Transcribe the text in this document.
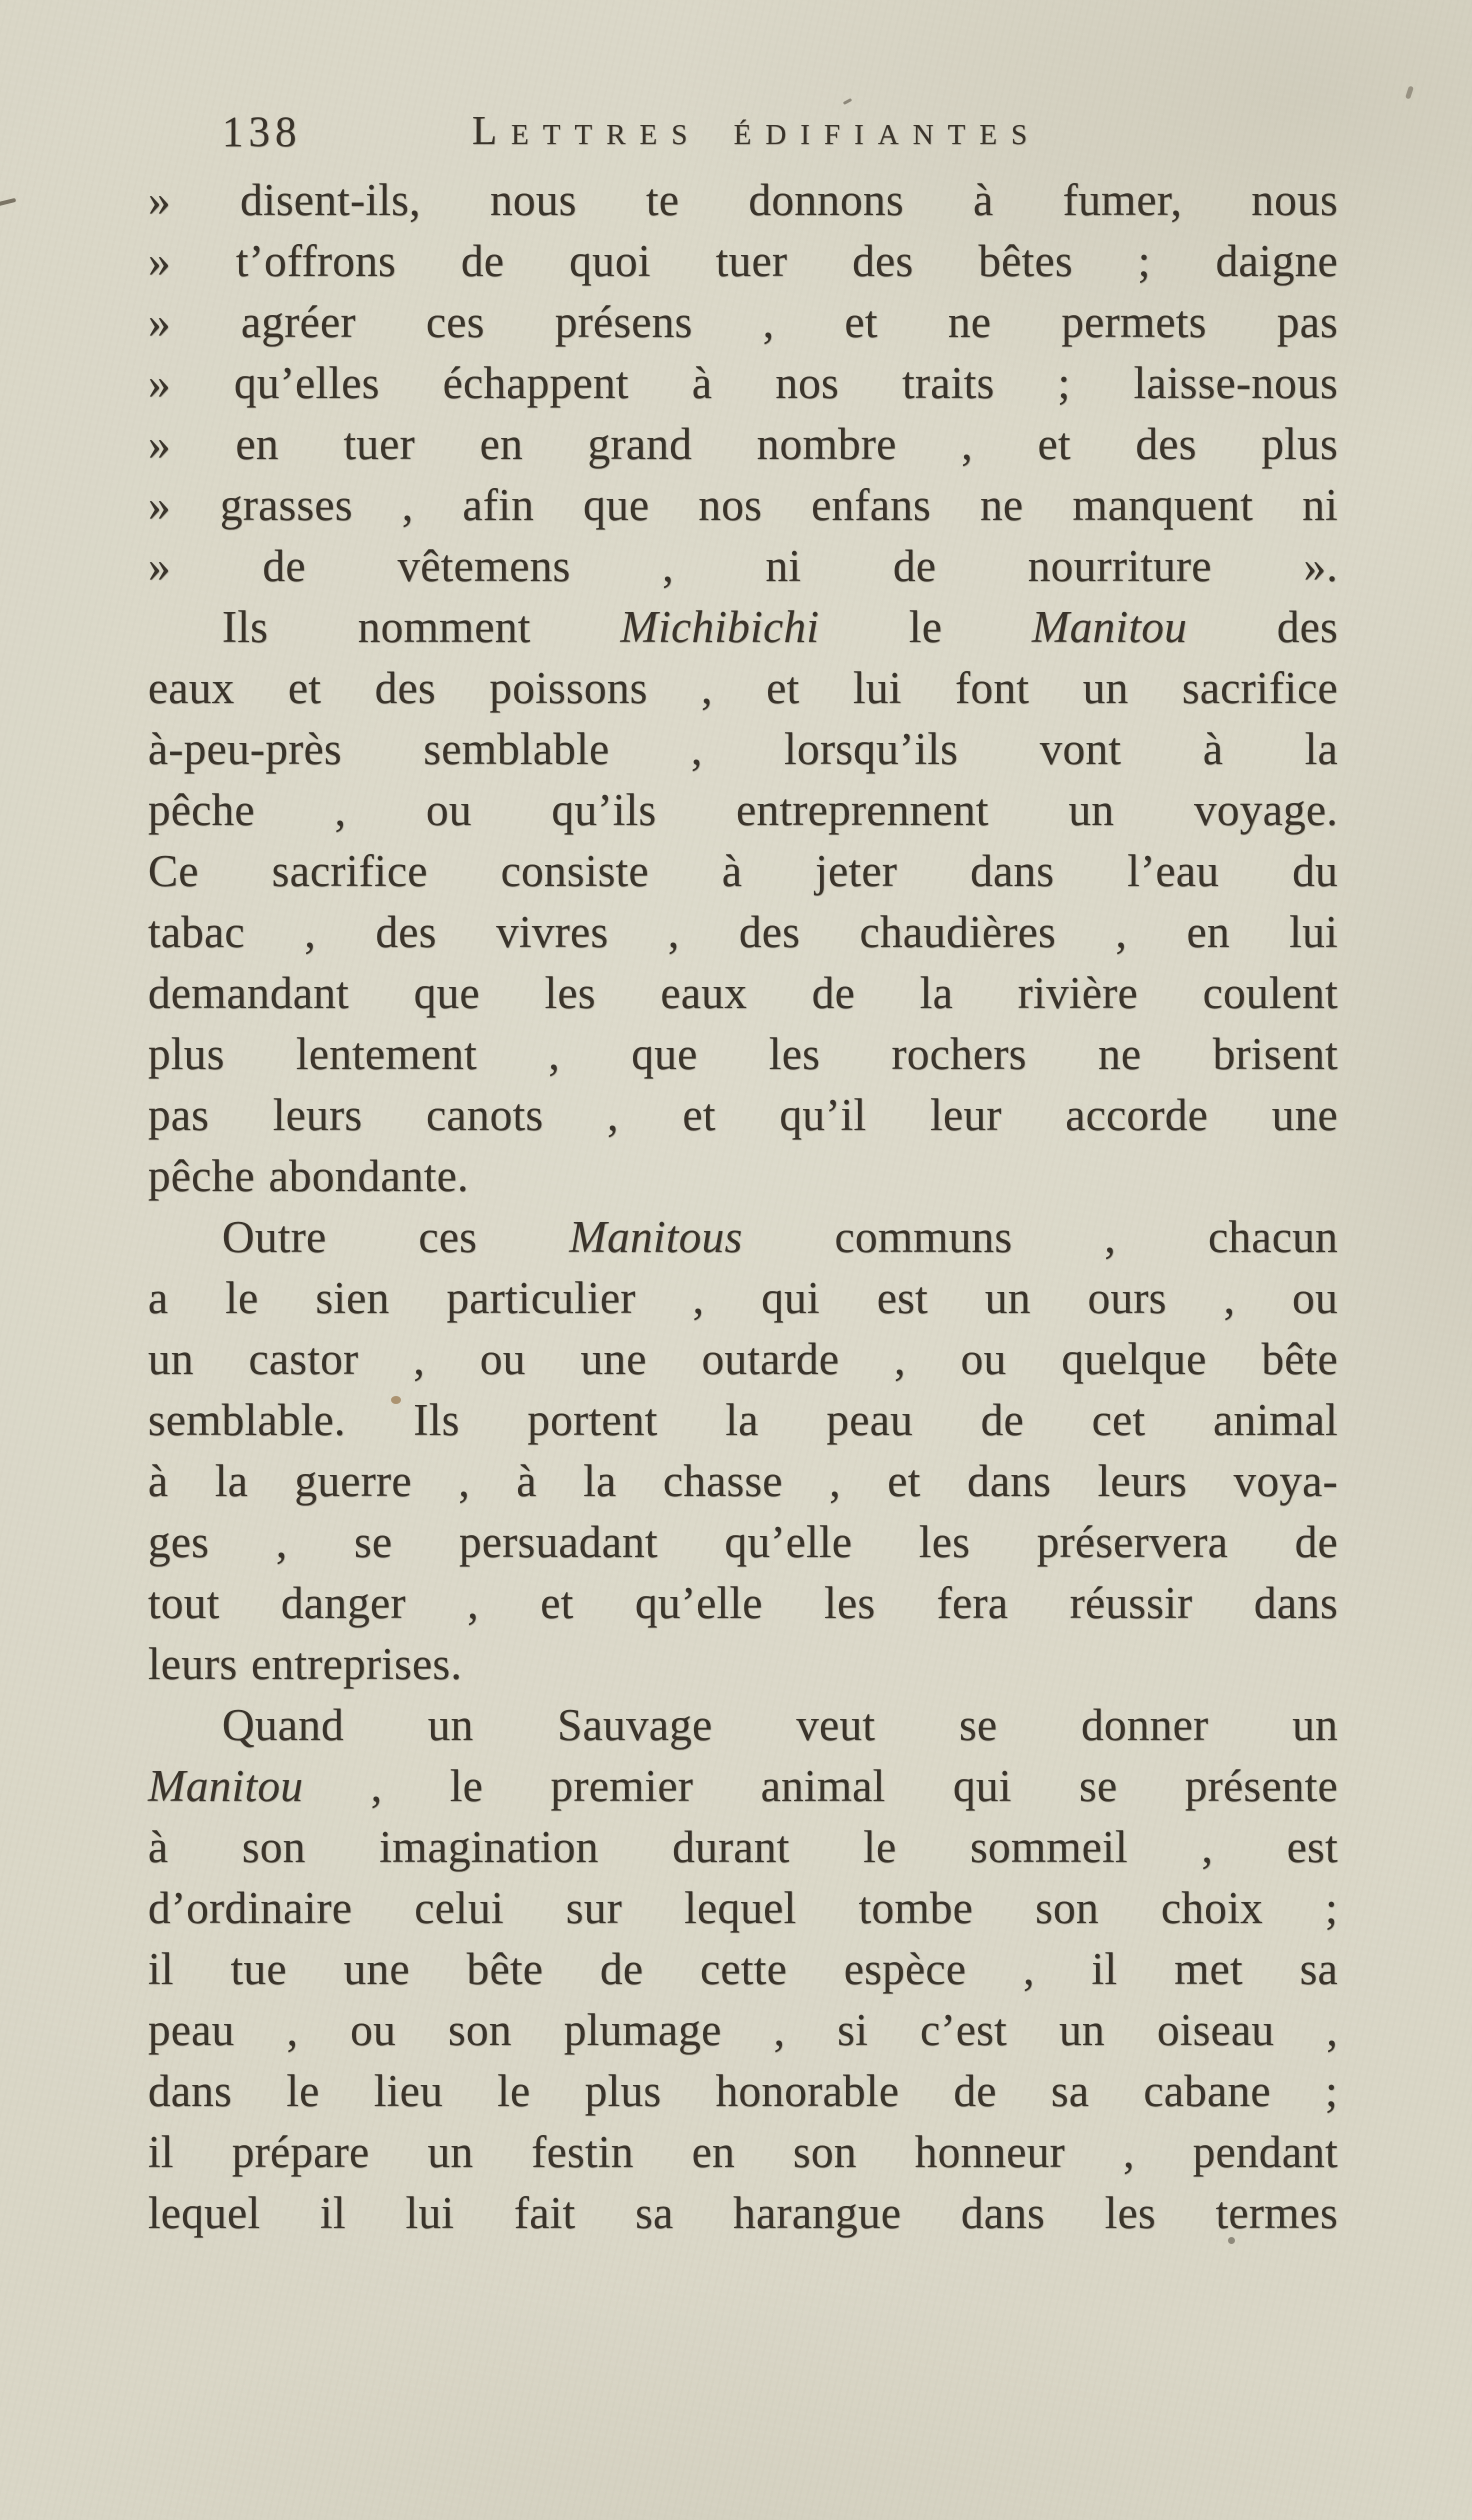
138	Lettres édifiantes
» disent-ils, nous te donnons à fumer, nous
» t’offrons de quoi tuer des bêtes ; daigne
» agréer ces présens , et ne permets pas
» qu’elles échappent à nos traits ; laisse-nous
» en tuer en grand nombre , et des plus
» grasses , afin que nos enfans ne manquent ni
» de vêtemens , ni de nourriture ».
Ils nomment Michibichi le Manitou des
eaux et des poissons , et lui font un sacrifice
à-peu-près semblable , lorsqu’ils vont à la
pêche , ou qu’ils entreprennent un voyage.
Ce sacrifice consiste à jeter dans l’eau du
tabac , des vivres , des chaudières , en lui
demandant que les eaux de la rivière coulent
plus lentement , que les rochers ne brisent
pas leurs canots , et qu’il leur accorde une
pêche abondante.
Outre ces Manitous communs , chacun
a le sien particulier , qui est un ours , ou
un castor , ou une outarde , ou quelque bête
semblable. Ils portent la peau de cet animal
à la guerre , à la chasse , et dans leurs voya-
ges , se persuadant qu’elle les préservera de
tout danger , et qu’elle les fera réussir dans
leurs entreprises.
Quand un Sauvage veut se donner un
Manitou , le premier animal qui se présente
à son imagination durant le sommeil , est
d’ordinaire celui sur lequel tombe son choix ;
il tue une bête de cette espèce , il met sa
peau , ou son plumage , si c’est un oiseau ,
dans le lieu le plus honorable de sa cabane ;
il prépare un festin en son honneur , pendant
lequel il lui fait sa harangue dans les termes
